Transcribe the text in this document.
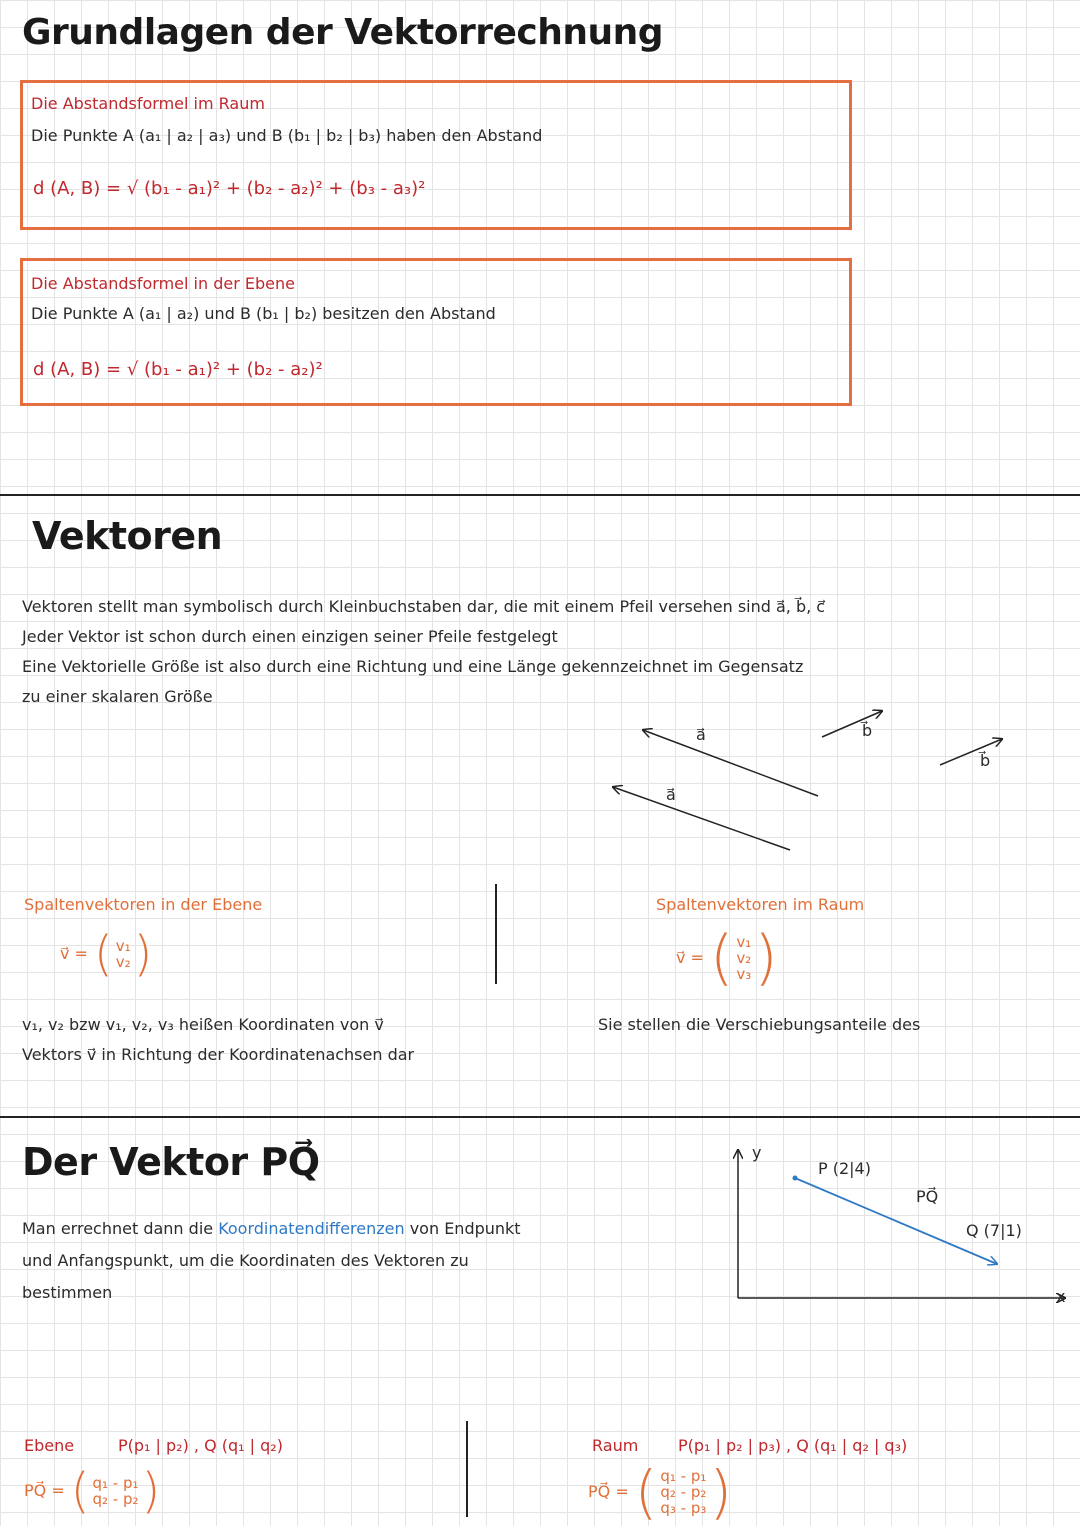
Grundlagen der Vektorrechnung
Die Abstandsformel im Raum
Die Punkte A (a₁ | a₂ | a₃) und B (b₁ | b₂ | b₃) haben den Abstand
d (A, B) = √ (b₁ - a₁)² + (b₂ - a₂)² + (b₃ - a₃)²
Die Abstandsformel in der Ebene
Die Punkte A (a₁ | a₂) und B (b₁ | b₂) besitzen den Abstand
d (A, B) = √ (b₁ - a₁)² + (b₂ - a₂)²
Vektoren
Vektoren stellt man symbolisch durch Kleinbuchstaben dar, die mit einem Pfeil versehen sind a⃗, b⃗, c⃗
Jeder Vektor ist schon durch einen einzigen seiner Pfeile festgelegt
Eine Vektorielle Größe ist also durch eine Richtung und eine Länge gekennzeichnet im Gegensatz
zu einer skalaren Größe
a⃗
a⃗
b⃗
b⃗
Spaltenvektoren in der Ebene
v⃗ = ( v₁
v₂ )
Spaltenvektoren im Raum
v⃗ = ( v₁
v₂
v₃ )
v₁, v₂ bzw v₁, v₂, v₃ heißen Koordinaten von v⃗
Vektors v⃗ in Richtung der Koordinatenachsen dar
Sie stellen die Verschiebungsanteile des
Der Vektor PQ⃗
Man errechnet dann die Koordinatendifferenzen von Endpunkt
und Anfangspunkt, um die Koordinaten des Vektoren zu
bestimmen
y
x
P (2|4)
Q (7|1)
PQ⃗
Ebene	P(p₁ | p₂) , Q (q₁ | q₂)
PQ⃗ = ( q₁ - p₁
q₂ - p₂ )
Raum P(p₁ | p₂ | p₃) , Q (q₁ | q₂ | q₃)
PQ⃗ = ( q₁ - p₁
q₂ - p₂
q₃ - p₃ )
